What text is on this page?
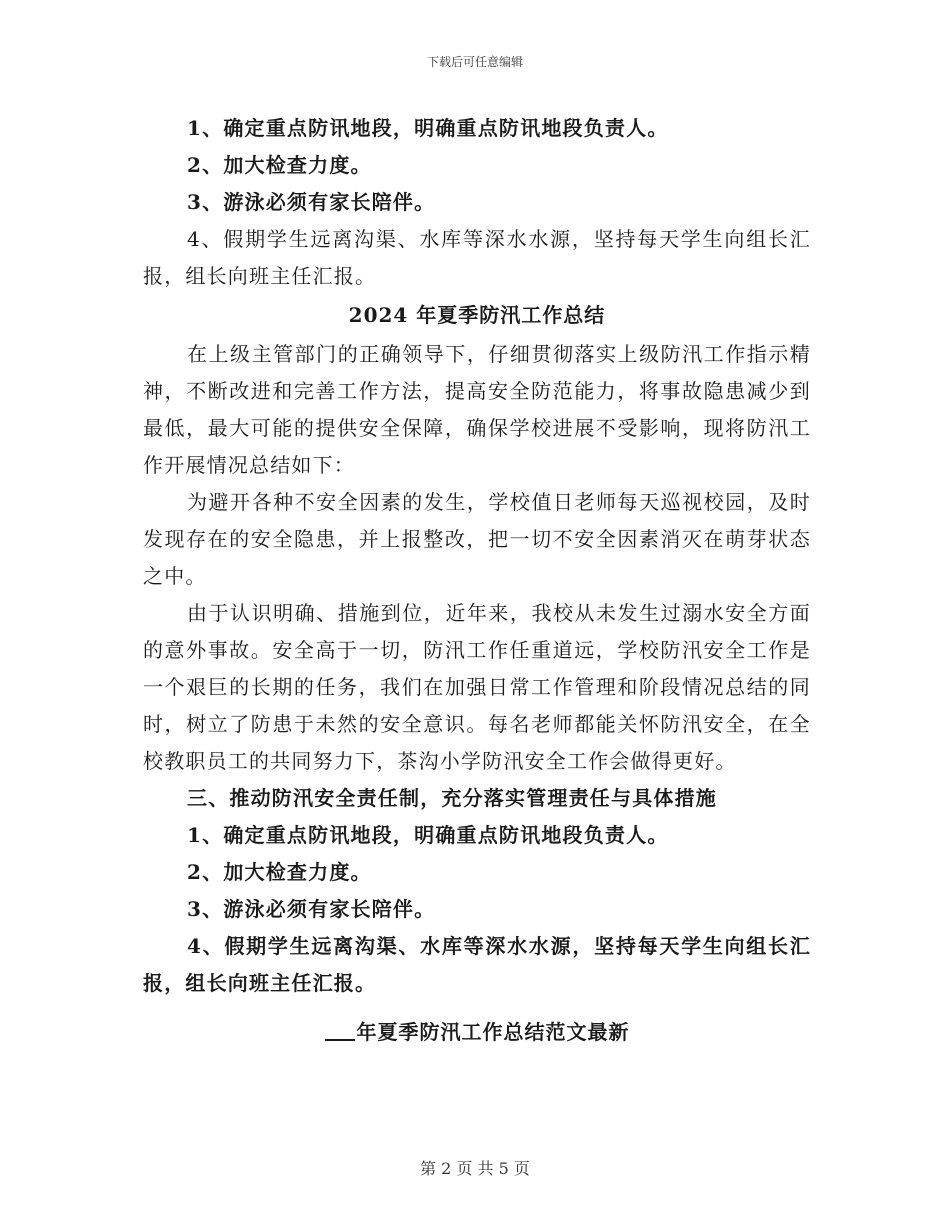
下载后可任意编辑

1、确定重点防讯地段，明确重点防讯地段负责人。

2、加大检查力度。

3、游泳必须有家长陪伴。

4、假期学生远离沟渠、水库等深水水源，坚持每天学生向组长汇报，组长向班主任汇报。

2024 年夏季防汛工作总结

在上级主管部门的正确领导下，仔细贯彻落实上级防汛工作指示精神，不断改进和完善工作方法，提高安全防范能力，将事故隐患减少到最低，最大可能的提供安全保障，确保学校进展不受影响，现将防汛工作开展情况总结如下：

为避开各种不安全因素的发生，学校值日老师每天巡视校园，及时发现存在的安全隐患，并上报整改，把一切不安全因素消灭在萌芽状态之中。

由于认识明确、措施到位，近年来，我校从未发生过溺水安全方面的意外事故。安全高于一切，防汛工作任重道远，学校防汛安全工作是一个艰巨的长期的任务，我们在加强日常工作管理和阶段情况总结的同时，树立了防患于未然的安全意识。每名老师都能关怀防汛安全，在全校教职员工的共同努力下，茶沟小学防汛安全工作会做得更好。

三、推动防汛安全责任制，充分落实管理责任与具体措施

1、确定重点防讯地段，明确重点防讯地段负责人。

2、加大检查力度。

3、游泳必须有家长陪伴。

4、假期学生远离沟渠、水库等深水水源，坚持每天学生向组长汇报，组长向班主任汇报。

年夏季防汛工作总结范文最新
第 2 页 共 5 页
